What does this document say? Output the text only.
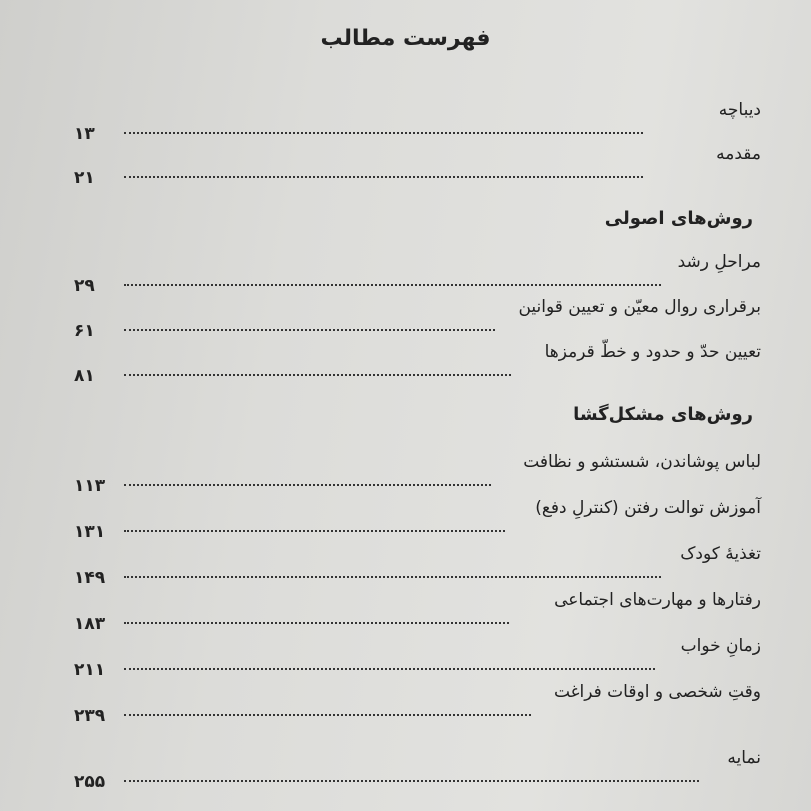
فهرست مطالب
دیباچه
۱۳
مقدمه
۲۱
روش‌های اصولی
مراحلِ رشد
۲۹
برقراری روال معیّن و تعیین قوانین
۶۱
تعیین حدّ و حدود و خطّ قرمزها
۸۱
روش‌های مشکل‌گشا
لباس پوشاندن، شستشو و نظافت
۱۱۳
آموزش توالت رفتن (کنترلِ دفع)
۱۳۱
تغذیهٔ کودک
۱۴۹
رفتارها و مهارت‌های اجتماعی
۱۸۳
زمانِ خواب
۲۱۱
وقتِ شخصی و اوقات فراغت
۲۳۹
نمایه
۲۵۵
